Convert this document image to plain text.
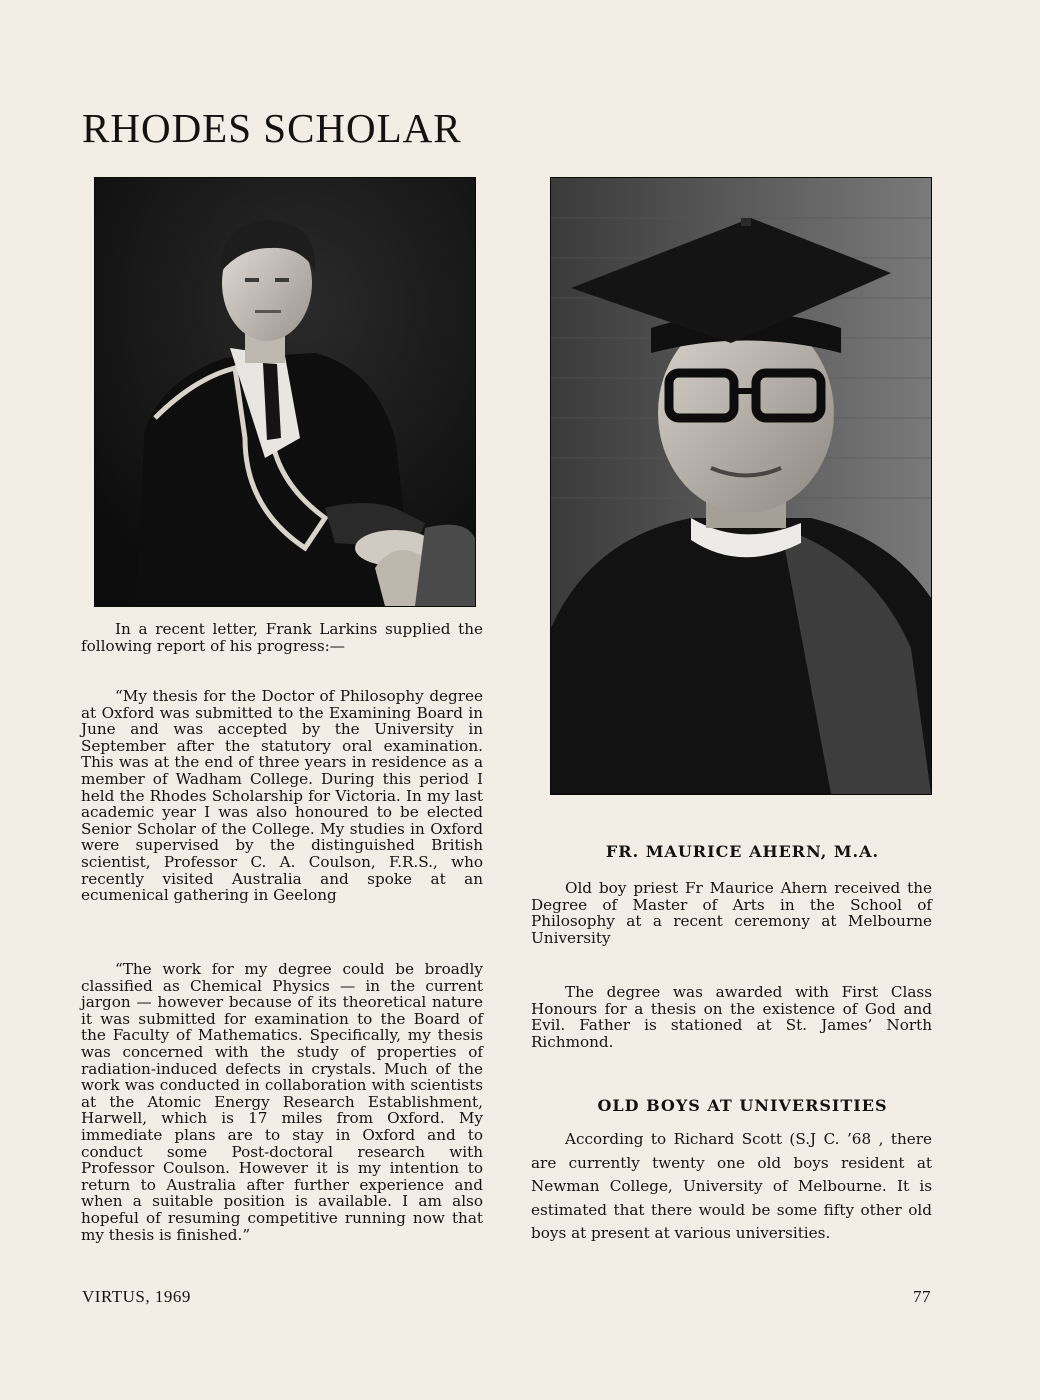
RHODES SCHOLAR

In a recent letter, Frank Larkins supplied the following report of his progress:—

“My thesis for the Doctor of Philosophy degree at Oxford was submitted to the Examining Board in June and was accepted by the University in September after the statutory oral examination. This was at the end of three years in residence as a member of Wadham College. During this period I held the Rhodes Scholarship for Victoria. In my last academic year I was also honoured to be elected Senior Scholar of the College. My studies in Oxford were supervised by the distinguished British scientist, Professor C. A. Coulson, F.R.S., who recently visited Australia and spoke at an ecumenical gathering in Geelong

“The work for my degree could be broadly classified as Chemical Physics — in the current jargon — however because of its theoretical nature it was submitted for examination to the Board of the Faculty of Mathematics. Specifically, my thesis was concerned with the study of properties of radiation-induced defects in crystals. Much of the work was conducted in collaboration with scientists at the Atomic Energy Research Establishment, Harwell, which is 17 miles from Oxford. My immediate plans are to stay in Oxford and to conduct some Post-doctoral research with Professor Coulson. However it is my intention to return to Australia after further experience and when a suitable position is available. I am also hopeful of resuming competitive running now that my thesis is finished.”

FR. MAURICE AHERN, M.A.

Old boy priest Fr Maurice Ahern received the Degree of Master of Arts in the School of Philosophy at a recent ceremony at Melbourne University

The degree was awarded with First Class Honours for a thesis on the existence of God and Evil. Father is stationed at St. James’ North Richmond.

OLD BOYS AT UNIVERSITIES

According to Richard Scott (S.J C. ’68 , there are currently twenty one old boys resident at Newman College, University of Melbourne. It is estimated that there would be some fifty other old boys at present at various universities.

VIRTUS, 1969	77
